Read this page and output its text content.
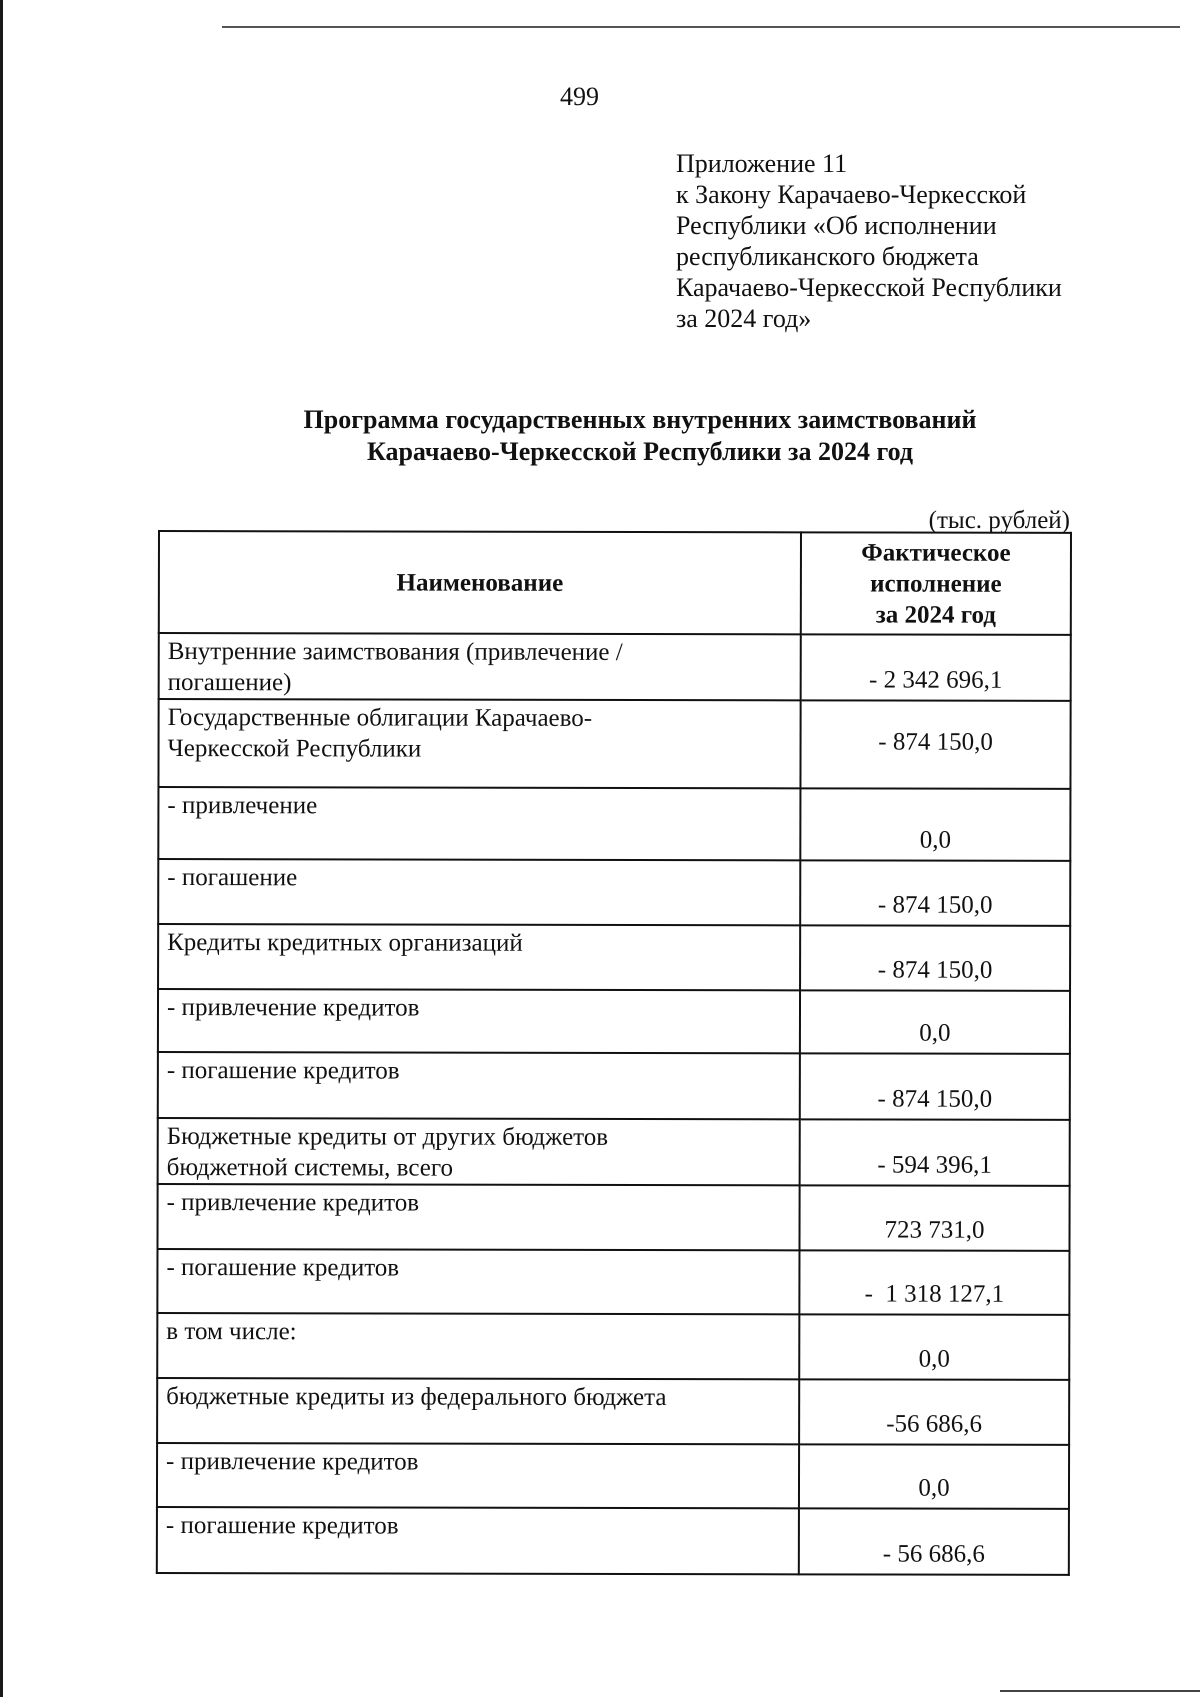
499
Приложение 11
к Закону Карачаево-Черкесской
Республики «Об исполнении
республиканского бюджета
Карачаево-Черкесской Республики
за 2024 год»
Программа государственных внутренних заимствований
Карачаево-Черкесской Республики за 2024 год
(тыс. рублей)
Наименование	Фактическое
исполнение
за 2024 год

Внутренние заимствования (привлечение /
погашение)	- 2 342 696,1

Государственные облигации Карачаево-
Черкесской Республики	- 874 150,0

- привлечение	0,0

- погашение	- 874 150,0

Кредиты кредитных организаций	- 874 150,0

- привлечение кредитов	0,0

- погашение кредитов	- 874 150,0

Бюджетные кредиты от других бюджетов
бюджетной системы, всего	- 594 396,1

- привлечение кредитов	723 731,0

- погашение кредитов	-  1 318 127,1

в том числе:	0,0

бюджетные кредиты из федерального бюджета	-56 686,6

- привлечение кредитов	0,0

- погашение кредитов	- 56 686,6
